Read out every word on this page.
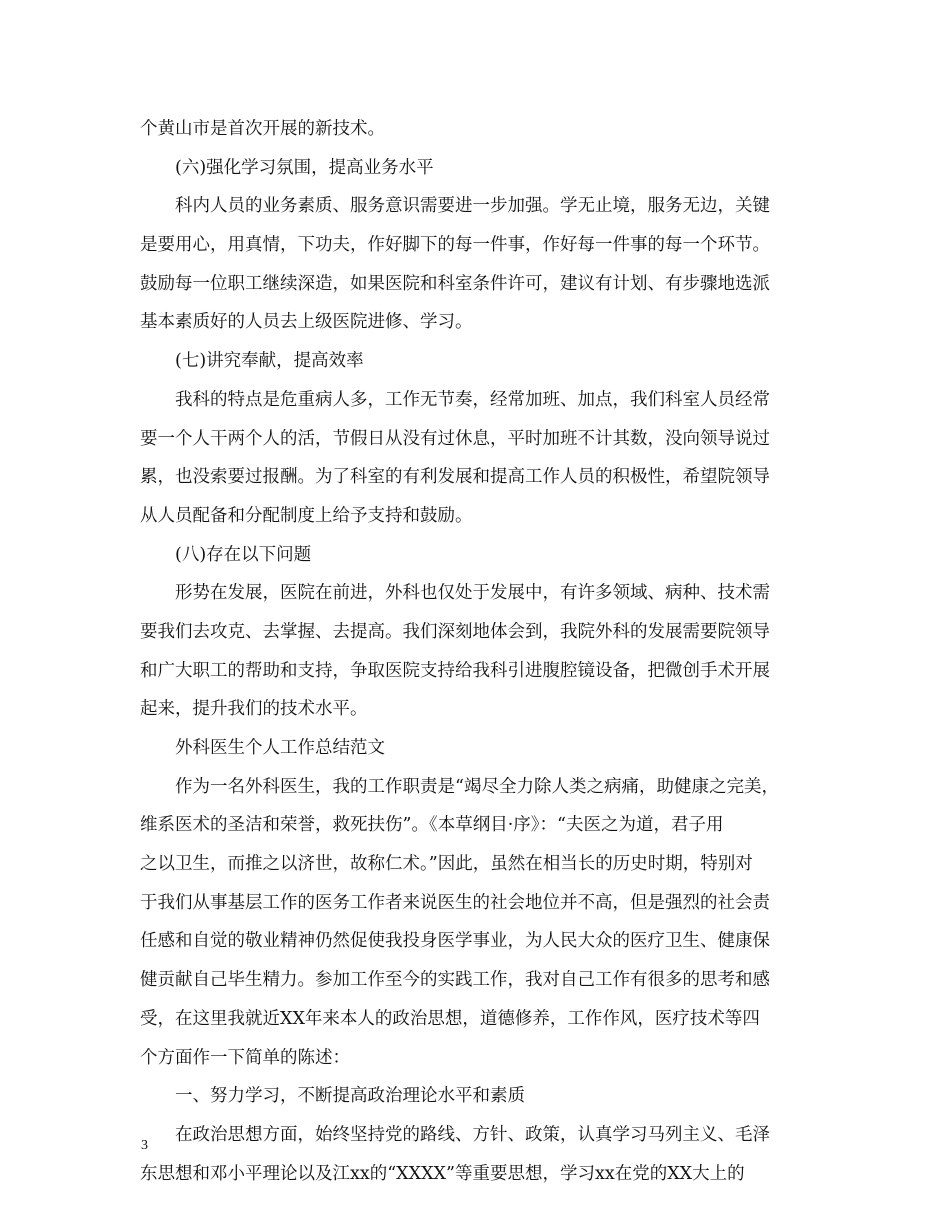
个黄山市是首次开展的新技术。
(六)强化学习氛围，提高业务水平
科内人员的业务素质、服务意识需要进一步加强。学无止境，服务无边，关键
是要用心，用真情，下功夫，作好脚下的每一件事，作好每一件事的每一个环节。
鼓励每一位职工继续深造，如果医院和科室条件许可，建议有计划、有步骤地选派
基本素质好的人员去上级医院进修、学习。
(七)讲究奉献，提高效率
我科的特点是危重病人多，工作无节奏，经常加班、加点，我们科室人员经常
要一个人干两个人的活，节假日从没有过休息，平时加班不计其数，没向领导说过
累，也没索要过报酬。为了科室的有利发展和提高工作人员的积极性，希望院领导
从人员配备和分配制度上给予支持和鼓励。
(八)存在以下问题
形势在发展，医院在前进，外科也仅处于发展中，有许多领域、病种、技术需
要我们去攻克、去掌握、去提高。我们深刻地体会到，我院外科的发展需要院领导
和广大职工的帮助和支持，争取医院支持给我科引进腹腔镜设备，把微创手术开展
起来，提升我们的技术水平。
外科医生个人工作总结范文
作为一名外科医生，我的工作职责是“竭尽全力除人类之病痛，助健康之完美，
维系医术的圣洁和荣誉，救死扶伤”。《本草纲目·序》：“夫医之为道，君子用
之以卫生，而推之以济世，故称仁术。”因此，虽然在相当长的历史时期，特别对
于我们从事基层工作的医务工作者来说医生的社会地位并不高，但是强烈的社会责
任感和自觉的敬业精神仍然促使我投身医学事业，为人民大众的医疗卫生、健康保
健贡献自己毕生精力。参加工作至今的实践工作，我对自己工作有很多的思考和感
受，在这里我就近XX年来本人的政治思想，道德修养，工作作风，医疗技术等四
个方面作一下简单的陈述：
一、努力学习，不断提高政治理论水平和素质
在政治思想方面，始终坚持党的路线、方针、政策，认真学习马列主义、毛泽
东思想和邓小平理论以及江xx的“XXXX”等重要思想，学习xx在党的XX大上的
3
